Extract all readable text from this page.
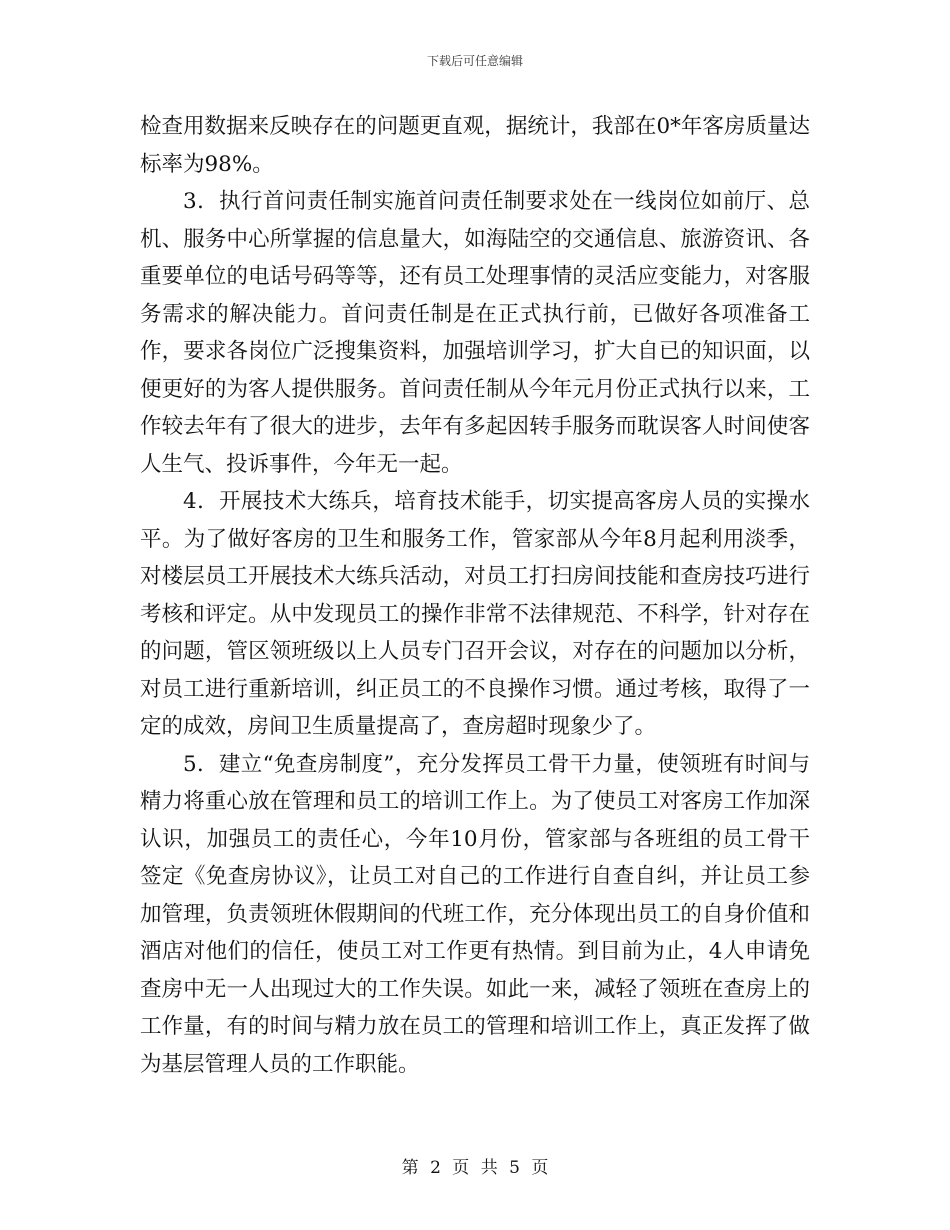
下载后可任意编辑

检查用数据来反映存在的问题更直观，据统计，我部在0*年客房质量达标率为98%。

3．执行首问责任制实施首问责任制要求处在一线岗位如前厅、总机、服务中心所掌握的信息量大，如海陆空的交通信息、旅游资讯、各重要单位的电话号码等等，还有员工处理事情的灵活应变能力，对客服务需求的解决能力。首问责任制是在正式执行前，已做好各项准备工作，要求各岗位广泛搜集资料，加强培训学习，扩大自已的知识面，以便更好的为客人提供服务。首问责任制从今年元月份正式执行以来，工作较去年有了很大的进步，去年有多起因转手服务而耽误客人时间使客人生气、投诉事件，今年无一起。

4．开展技术大练兵，培育技术能手，切实提高客房人员的实操水平。为了做好客房的卫生和服务工作，管家部从今年8月起利用淡季，对楼层员工开展技术大练兵活动，对员工打扫房间技能和查房技巧进行考核和评定。从中发现员工的操作非常不法律规范、不科学，针对存在的问题，管区领班级以上人员专门召开会议，对存在的问题加以分析，对员工进行重新培训，纠正员工的不良操作习惯。通过考核，取得了一定的成效，房间卫生质量提高了，查房超时现象少了。

5．建立“免查房制度”，充分发挥员工骨干力量，使领班有时间与精力将重心放在管理和员工的培训工作上。为了使员工对客房工作加深认识，加强员工的责任心，今年10月份，管家部与各班组的员工骨干签定《免查房协议》，让员工对自己的工作进行自查自纠，并让员工参加管理，负责领班休假期间的代班工作，充分体现出员工的自身价值和酒店对他们的信任，使员工对工作更有热情。到目前为止，4人申请免查房中无一人出现过大的工作失误。如此一来，减轻了领班在查房上的工作量，有的时间与精力放在员工的管理和培训工作上，真正发挥了做为基层管理人员的工作职能。

第 2 页 共 5 页
